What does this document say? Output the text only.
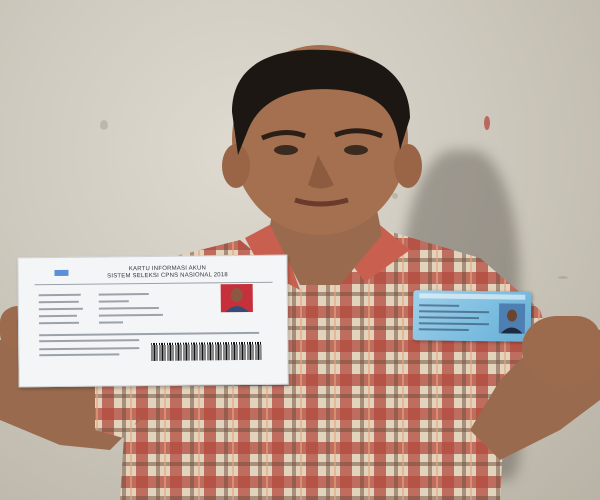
KARTU INFORMASI AKUN
SISTEM SELEKSI CPNS NASIONAL 2018
